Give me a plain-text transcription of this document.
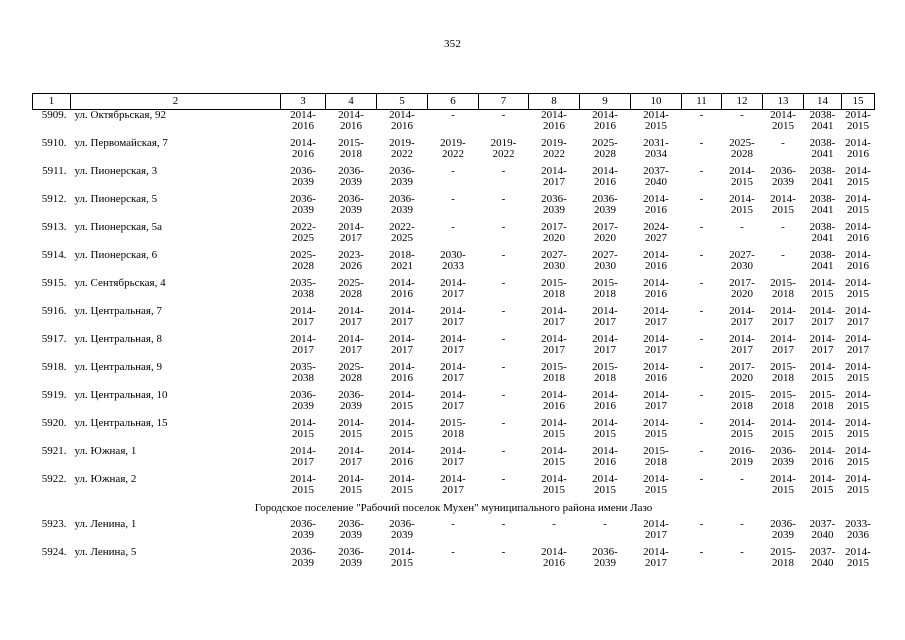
352
1	2	3	4	5	6	7	8	9	10	11	12	13	14	15
5909.	ул. Октябрьская, 92	2014-
2016	2014-
2016	2014-
2016	-	-	2014-
2016	2014-
2016	2014-
2015	-	-	2014-
2015	2038-
2041	2014-
2015

5910.	ул. Первомайская, 7	2014-
2016	2015-
2018	2019-
2022	2019-
2022	2019-
2022	2019-
2022	2025-
2028	2031-
2034	-	2025-
2028	-	2038-
2041	2014-
2016

5911.	ул. Пионерская, 3	2036-
2039	2036-
2039	2036-
2039	-	-	2014-
2017	2014-
2016	2037-
2040	-	2014-
2015	2036-
2039	2038-
2041	2014-
2015

5912.	ул. Пионерская, 5	2036-
2039	2036-
2039	2036-
2039	-	-	2036-
2039	2036-
2039	2014-
2016	-	2014-
2015	2014-
2015	2038-
2041	2014-
2015

5913.	ул. Пионерская, 5а	2022-
2025	2014-
2017	2022-
2025	-	-	2017-
2020	2017-
2020	2024-
2027	-	-	-	2038-
2041	2014-
2016

5914.	ул. Пионерская, 6	2025-
2028	2023-
2026	2018-
2021	2030-
2033	-	2027-
2030	2027-
2030	2014-
2016	-	2027-
2030	-	2038-
2041	2014-
2016

5915.	ул. Сентябрьская, 4	2035-
2038	2025-
2028	2014-
2016	2014-
2017	-	2015-
2018	2015-
2018	2014-
2016	-	2017-
2020	2015-
2018	2014-
2015	2014-
2015

5916.	ул. Центральная, 7	2014-
2017	2014-
2017	2014-
2017	2014-
2017	-	2014-
2017	2014-
2017	2014-
2017	-	2014-
2017	2014-
2017	2014-
2017	2014-
2017

5917.	ул. Центральная, 8	2014-
2017	2014-
2017	2014-
2017	2014-
2017	-	2014-
2017	2014-
2017	2014-
2017	-	2014-
2017	2014-
2017	2014-
2017	2014-
2017

5918.	ул. Центральная, 9	2035-
2038	2025-
2028	2014-
2016	2014-
2017	-	2015-
2018	2015-
2018	2014-
2016	-	2017-
2020	2015-
2018	2014-
2015	2014-
2015

5919.	ул. Центральная, 10	2036-
2039	2036-
2039	2014-
2015	2014-
2017	-	2014-
2016	2014-
2016	2014-
2017	-	2015-
2018	2015-
2018	2015-
2018	2014-
2015

5920.	ул. Центральная, 15	2014-
2015	2014-
2015	2014-
2015	2015-
2018	-	2014-
2015	2014-
2015	2014-
2015	-	2014-
2015	2014-
2015	2014-
2015	2014-
2015

5921.	ул. Южная, 1	2014-
2017	2014-
2017	2014-
2016	2014-
2017	-	2014-
2015	2014-
2016	2015-
2018	-	2016-
2019	2036-
2039	2014-
2016	2014-
2015

5922.	ул. Южная, 2	2014-
2015	2014-
2015	2014-
2015	2014-
2017	-	2014-
2015	2014-
2015	2014-
2015	-	-	2014-
2015	2014-
2015	2014-
2015

Городское поселение "Рабочий поселок Мухен" муниципального района имени Лазо														
5923.	ул. Ленина, 1	2036-
2039	2036-
2039	2036-
2039	-	-	-	-	2014-
2017	-	-	2036-
2039	2037-
2040	2033-
2036

5924.	ул. Ленина, 5	2036-
2039	2036-
2039	2014-
2015	-	-	2014-
2016	2036-
2039	2014-
2017	-	-	2015-
2018	2037-
2040	2014-
2015
